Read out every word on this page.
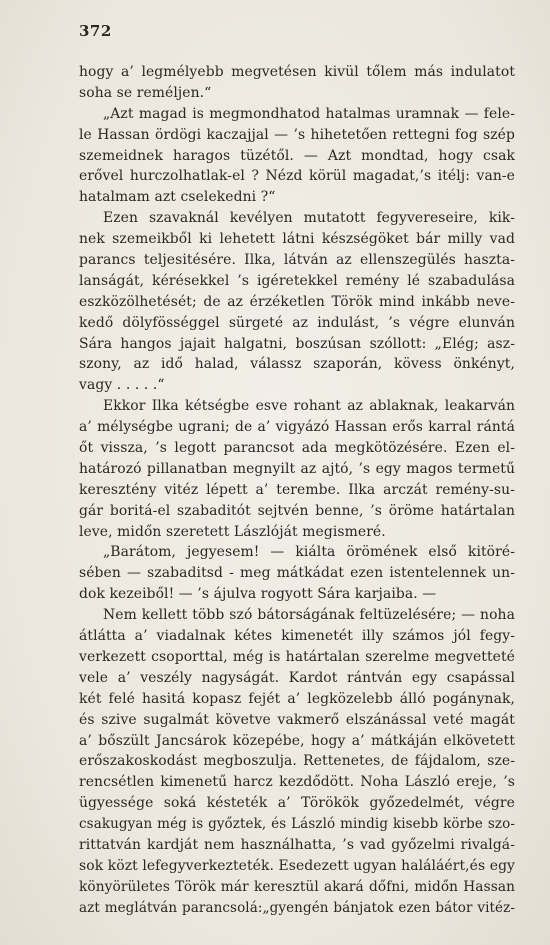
372
hogy a’ legmélyebb megvetésen kivül tőlem más indulatot
soha se reméljen.“
„Azt magad is megmondhatod hatalmas uramnak — fele-
le Hassan ördögi kaczajjal — ’s hihetetően rettegni fog szép
szemeidnek haragos tüzétől. — Azt mondtad, hogy csak
erővel hurczolhatlak-el ? Nézd körül magadat,’s itélj: van-e
hatalmam azt cselekedni ?“
Ezen szavaknál kevélyen mutatott fegyvereseire, kik-
nek szemeikből ki lehetett látni készségöket bár milly vad
parancs teljesitésére. Ilka, látván az ellenszegülés haszta-
lanságát, kérésekkel ’s igéretekkel remény lé szabadulása
eszközölhetését; de az érzéketlen Török mind inkább neve-
kedő dölyfösséggel sürgeté az indulást, ’s végre elunván
Sára hangos jajait halgatni, boszúsan szóllott: „Elég; asz-
szony, az idő halad, válassz szaporán, kövess önkényt,
vagy . . . . .“
Ekkor Ilka kétségbe esve rohant az ablaknak, leakarván
a’ mélységbe ugrani; de a’ vigyázó Hassan erős karral rántá
őt vissza, ’s legott parancsot ada megkötözésére. Ezen el-
határozó pillanatban megnyilt az ajtó, ’s egy magos termetű
keresztény vitéz lépett a’ terembe. Ilka arczát remény-su-
gár boritá-el szabaditót sejtvén benne, ’s öröme határtalan
leve, midőn szeretett Lászlóját megismeré.
„Barátom, jegyesem! — kiálta örömének első kitöré-
sében — szabaditsd - meg mátkádat ezen istentelennek un-
dok kezeiből! — ’s ájulva rogyott Sára karjaiba. —
Nem kellett több szó bátorságának feltüzelésére; — noha
átlátta a’ viadalnak kétes kimenetét illy számos jól fegy-
verkezett csoporttal, még is határtalan szerelme megvetteté
vele a’ veszély nagyságát. Kardot rántván egy csapással
két felé hasitá kopasz fejét a’ legközelebb álló pogánynak,
és szive sugalmát követve vakmerő elszánással veté magát
a’ bőszült Jancsárok közepébe, hogy a’ mátkáján elkövetett
erőszakoskodást megboszulja. Rettenetes, de fájdalom, sze-
rencsétlen kimenetű harcz kezdődött. Noha László ereje, ’s
ügyessége soká késteték a’ Törökök győzedelmét, végre
csakugyan még is győztek, és László mindig kisebb körbe szo-
rittatván kardját nem használhatta, ’s vad győzelmi rivalgá-
sok közt lefegyverkezteték. Esedezett ugyan haláláért,és egy
könyörületes Török már keresztül akará dőfni, midőn Hassan
azt meglátván parancsolá:„gyengén bánjatok ezen bátor vitéz-
